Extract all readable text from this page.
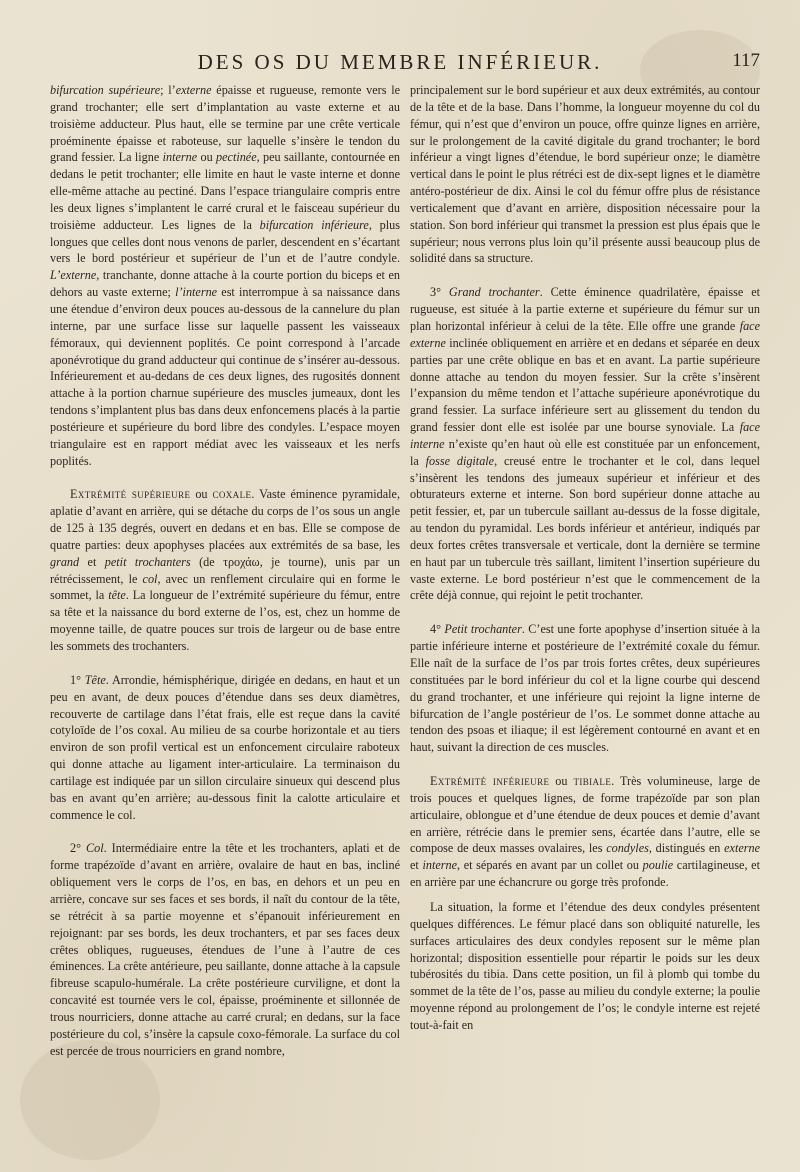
DES OS DU MEMBRE INFÉRIEUR.	117

bifurcation supérieure; l’externe épaisse et rugueuse, remonte vers le grand trochanter; elle sert d’implantation au vaste externe et au troisième adducteur. Plus haut, elle se termine par une crête verticale proéminente épaisse et raboteuse, sur laquelle s’insère le tendon du grand fessier. La ligne interne ou pectinée, peu saillante, contournée en dedans le petit trochanter; elle limite en haut le vaste interne et donne elle-même attache au pectiné. Dans l’espace triangulaire compris entre les deux lignes s’implantent le carré crural et le faisceau supérieur du troisième adducteur. Les lignes de la bifurcation inférieure, plus longues que celles dont nous venons de parler, descendent en s’écartant vers le bord postérieur et supérieur de l’un et de l’autre condyle. L’externe, tranchante, donne attache à la courte portion du biceps et en dehors au vaste externe; l’interne est interrompue à sa naissance dans une étendue d’environ deux pouces au-dessous de la cannelure du plan interne, par une surface lisse sur laquelle passent les vaisseaux fémoraux, qui deviennent poplités. Ce point correspond à l’arcade aponévrotique du grand adducteur qui continue de s’insérer au-dessous. Inférieurement et au-dedans de ces deux lignes, des rugosités donnent attache à la portion charnue supérieure des muscles jumeaux, dont les tendons s’implantent plus bas dans deux enfoncemens placés à la partie postérieure et supérieure du bord libre des condyles. L’espace moyen triangulaire est en rapport médiat avec les vaisseaux et les nerfs poplités.

Extrémité supérieure ou coxale. Vaste éminence pyramidale, aplatie d’avant en arrière, qui se détache du corps de l’os sous un angle de 125 à 135 degrés, ouvert en dedans et en bas. Elle se compose de quatre parties: deux apophyses placées aux extrémités de sa base, les grand et petit trochanters (de τροχάω, je tourne), unis par un rétrécissement, le col, avec un renflement circulaire qui en forme le sommet, la tête. La longueur de l’extrémité supérieure du fémur, entre sa tête et la naissance du bord externe de l’os, est, chez un homme de moyenne taille, de quatre pouces sur trois de largeur ou de base entre les sommets des trochanters.

1° Tête. Arrondie, hémisphérique, dirigée en dedans, en haut et un peu en avant, de deux pouces d’étendue dans ses deux diamètres, recouverte de cartilage dans l’état frais, elle est reçue dans la cavité cotyloïde de l’os coxal. Au milieu de sa courbe horizontale et au tiers environ de son profil vertical est un enfoncement circulaire raboteux qui donne attache au ligament inter-articulaire. La terminaison du cartilage est indiquée par un sillon circulaire sinueux qui descend plus bas en avant qu’en arrière; au-dessous finit la calotte articulaire et commence le col.

2° Col. Intermédiaire entre la tête et les trochanters, aplati et de forme trapézoïde d’avant en arrière, ovalaire de haut en bas, incliné obliquement vers le corps de l’os, en bas, en dehors et un peu en arrière, concave sur ses faces et ses bords, il naît du contour de la tête, se rétrécit à sa partie moyenne et s’épanouit inférieurement en rejoignant: par ses bords, les deux trochanters, et par ses faces deux crêtes obliques, rugueuses, étendues de l’une à l’autre de ces éminences. La crête antérieure, peu saillante, donne attache à la capsule fibreuse scapulo-humérale. La crête postérieure curviligne, et dont la concavité est tournée vers le col, épaisse, proéminente et sillonnée de trous nourriciers, donne attache au carré crural; en dedans, sur la face postérieure du col, s’insère la capsule coxo-fémorale. La surface du col est percée de trous nourriciers en grand nombre,

principalement sur le bord supérieur et aux deux extrémités, au contour de la tête et de la base. Dans l’homme, la longueur moyenne du col du fémur, qui n’est que d’environ un pouce, offre quinze lignes en arrière, sur le prolongement de la cavité digitale du grand trochanter; le bord inférieur a vingt lignes d’étendue, le bord supérieur onze; le diamètre vertical dans le point le plus rétréci est de dix-sept lignes et le diamètre antéro-postérieur de dix. Ainsi le col du fémur offre plus de résistance verticalement que d’avant en arrière, disposition nécessaire pour la station. Son bord inférieur qui transmet la pression est plus épais que le supérieur; nous verrons plus loin qu’il présente aussi beaucoup plus de solidité dans sa structure.

3° Grand trochanter. Cette éminence quadrilatère, épaisse et rugueuse, est située à la partie externe et supérieure du fémur sur un plan horizontal inférieur à celui de la tête. Elle offre une grande face externe inclinée obliquement en arrière et en dedans et séparée en deux parties par une crête oblique en bas et en avant. La partie supérieure donne attache au tendon du moyen fessier. Sur la crête s’insèrent l’expansion du même tendon et l’attache supérieure aponévrotique du grand fessier. La surface inférieure sert au glissement du tendon du grand fessier dont elle est isolée par une bourse synoviale. La face interne n’existe qu’en haut où elle est constituée par un enfoncement, la fosse digitale, creusé entre le trochanter et le col, dans lequel s’insèrent les tendons des jumeaux supérieur et inférieur et des obturateurs externe et interne. Son bord supérieur donne attache au petit fessier, et, par un tubercule saillant au-dessus de la fosse digitale, au tendon du pyramidal. Les bords inférieur et antérieur, indiqués par deux fortes crêtes transversale et verticale, dont la dernière se termine en haut par un tubercule très saillant, limitent l’insertion supérieure du vaste externe. Le bord postérieur n’est que le commencement de la crête déjà connue, qui rejoint le petit trochanter.

4° Petit trochanter. C’est une forte apophyse d’insertion située à la partie inférieure interne et postérieure de l’extrémité coxale du fémur. Elle naît de la surface de l’os par trois fortes crêtes, deux supérieures constituées par le bord inférieur du col et la ligne courbe qui descend du grand trochanter, et une inférieure qui rejoint la ligne interne de bifurcation de l’angle postérieur de l’os. Le sommet donne attache au tendon des psoas et iliaque; il est légèrement contourné en avant et en haut, suivant la direction de ces muscles.

Extrémité inférieure ou tibiale. Très volumineuse, large de trois pouces et quelques lignes, de forme trapézoïde par son plan articulaire, oblongue et d’une étendue de deux pouces et demie d’avant en arrière, rétrécie dans le premier sens, écartée dans l’autre, elle se compose de deux masses ovalaires, les condyles, distingués en externe et interne, et séparés en avant par un collet ou poulie cartilagineuse, et en arrière par une échancrure ou gorge très profonde.

La situation, la forme et l’étendue des deux condyles présentent quelques différences. Le fémur placé dans son obliquité naturelle, les surfaces articulaires des deux condyles reposent sur le même plan horizontal; disposition essentielle pour répartir le poids sur les deux tubérosités du tibia. Dans cette position, un fil à plomb qui tombe du sommet de la tête de l’os, passe au milieu du condyle externe; la poulie moyenne répond au prolongement de l’os; le condyle interne est rejeté tout-à-fait en
